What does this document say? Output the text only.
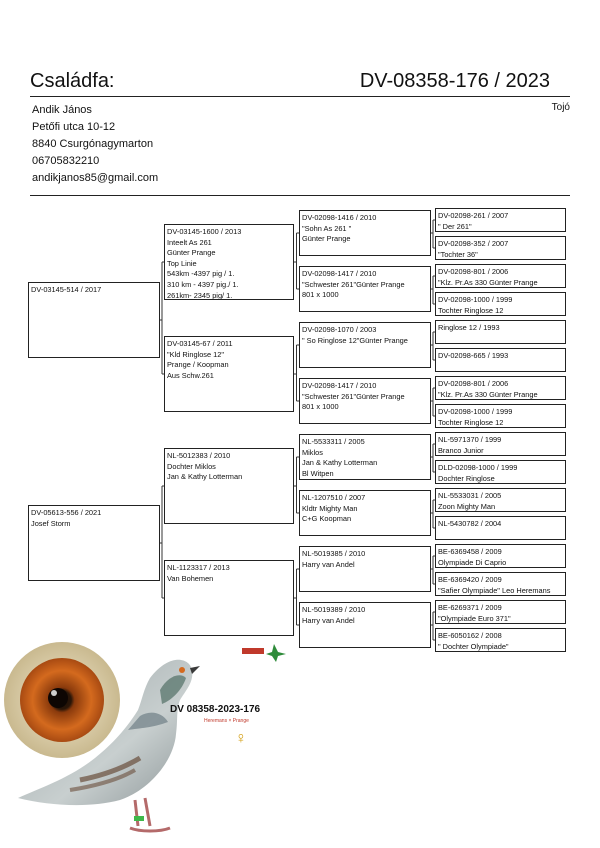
Családfa:	DV-08358-176 / 2023
Andik János
Petőfi utca 10-12
8840 Csurgónagymarton
06705832210
andikjanos85@gmail.com
Tojó
DV-03145-514 / 2017
DV-05613-556 / 2021
Josef Storm
DV-03145-1600 / 2013
Inteelt As 261
Günter Prange
Top Linie
543km -4397 pig / 1.
310 km - 4397 pig./ 1.
261km- 2345 pig/ 1.
DV-03145-67 / 2011
"Kld Ringlose 12"
Prange / Koopman
Aus Schw.261
NL-5012383 / 2010
Dochter Miklos
Jan & Kathy Lotterman
NL-1123317 / 2013
Van Bohemen
DV-02098-1416 / 2010
"Sohn As 261 "
Günter Prange
DV-02098-1417 / 2010
"Schwester 261"Günter Prange
801 x 1000
DV-02098-1070 / 2003
" So Ringlose 12"Günter Prange
DV-02098-1417 / 2010
"Schwester 261"Günter Prange
801 x 1000
NL-5533311 / 2005
Miklos
Jan & Kathy Lotterman
Bl Witpen
NL-1207510 / 2007
Kldtr Mighty Man
C+G Koopman
NL-5019385 / 2010
Harry van Andel
NL-5019389 / 2010
Harry van Andel
DV-02098-261 / 2007
" Der 261"
DV-02098-352 / 2007
"Tochter 36"
DV-02098-801 / 2006
"Klz. Pr.As 330 Günter Prange
DV-02098-1000 / 1999
Tochter Ringlose 12
Ringlose 12 / 1993
DV-02098-665 / 1993
DV-02098-801 / 2006
"Klz. Pr.As 330 Günter Prange
DV-02098-1000 / 1999
Tochter Ringlose 12
NL-5971370 / 1999
Branco Junior
DLD-02098-1000 / 1999
Dochter Ringlose
NL-5533031 / 2005
Zoon Mighty Man
NL-5430782 / 2004
BE-6369458 / 2009
Olympiade Di Caprio
BE-6369420 / 2009
"Safier Olympiade" Leo Heremans
BE-6269371 / 2009
"Olympiade Euro 371"
BE-6050162 / 2008
" Dochter Olympiade"
DV 08358-2023-176
Heremans × Prange
♀
